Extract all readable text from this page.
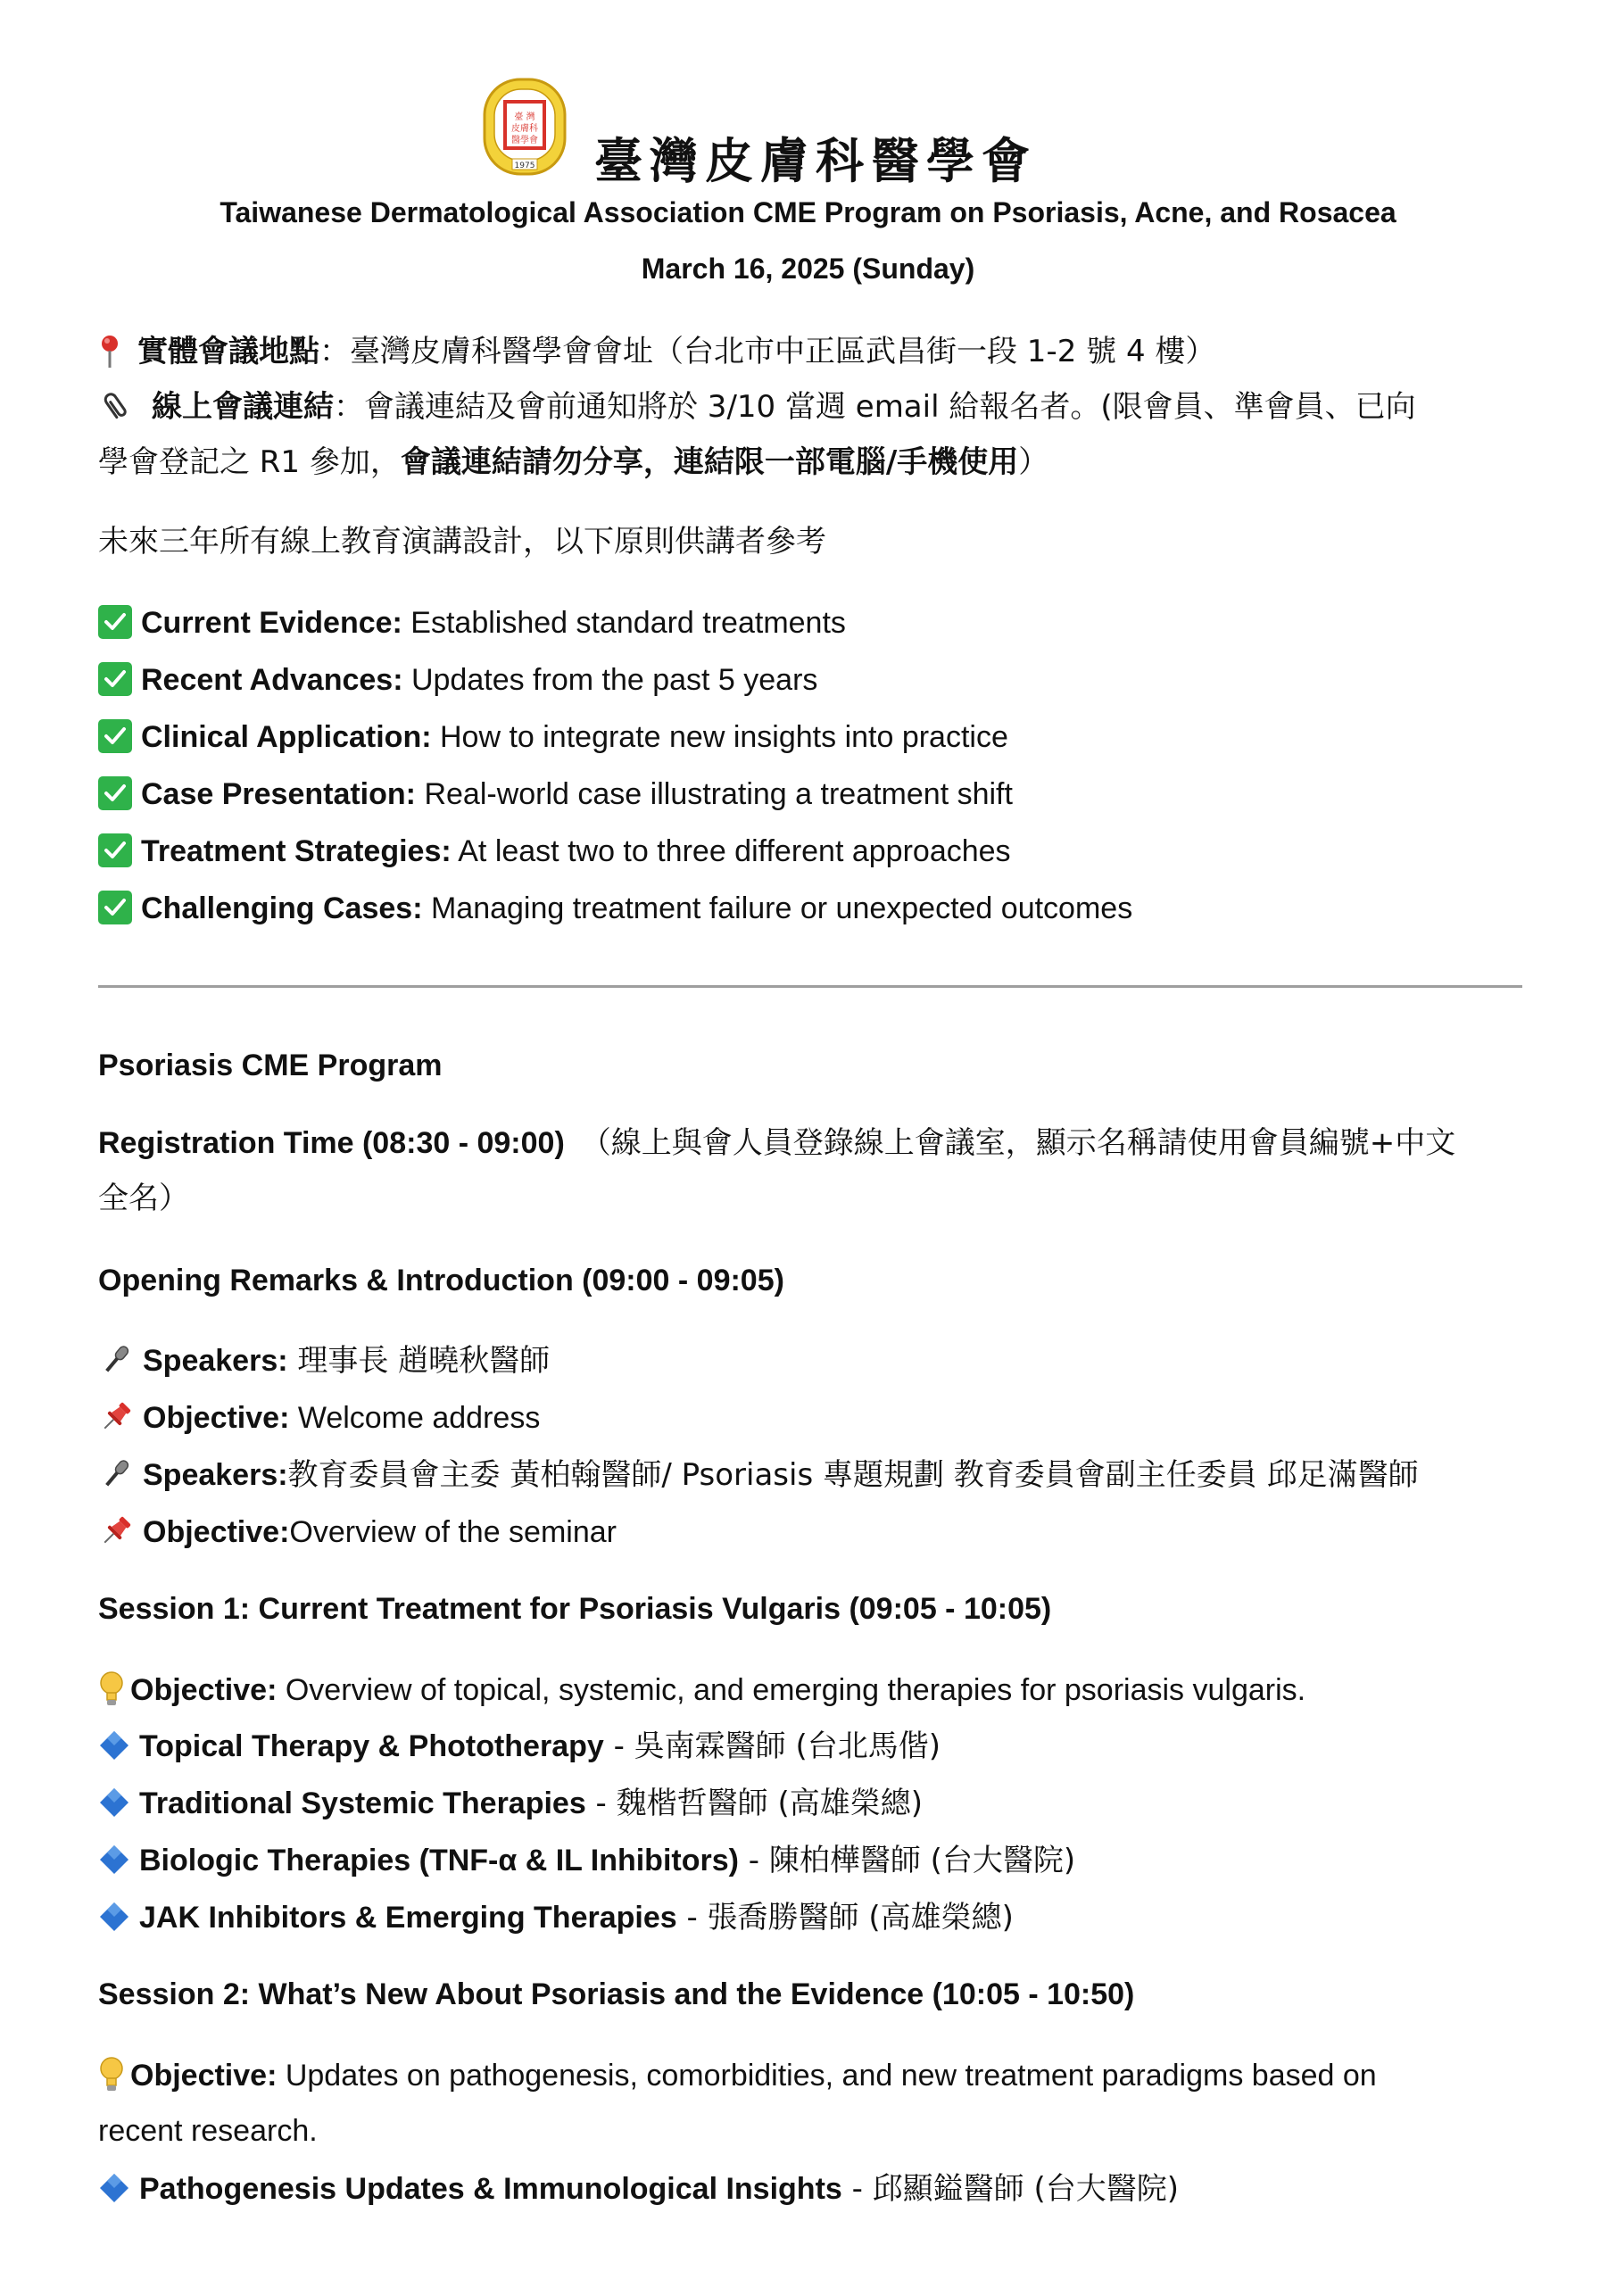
臺 灣
皮膚科
醫學會
1975 臺灣皮膚科醫學會
Taiwanese Dermatological Association CME Program on Psoriasis, Acne, and Rosacea
March 16, 2025 (Sunday)
實體會議地點：臺灣皮膚科醫學會會址（台北市中正區武昌街一段 1-2 號 4 樓）
線上會議連結：會議連結及會前通知將於 3/10 當週 email 給報名者。(限會員、準會員、已向
學會登記之 R1 參加，會議連結請勿分享，連結限一部電腦/手機使用）
未來三年所有線上教育演講設計，以下原則供講者參考
Current Evidence: Established standard treatments
Recent Advances: Updates from the past 5 years
Clinical Application: How to integrate new insights into practice
Case Presentation: Real-world case illustrating a treatment shift
Treatment Strategies: At least two to three different approaches
Challenging Cases: Managing treatment failure or unexpected outcomes
Psoriasis CME Program
Registration Time (08:30 - 09:00) （線上與會人員登錄線上會議室，顯示名稱請使用會員編號+中文
全名）
Opening Remarks & Introduction (09:00 - 09:05)
Speakers: 理事長 趙曉秋醫師
Objective: Welcome address
Speakers:教育委員會主委 黃柏翰醫師/ Psoriasis 專題規劃 教育委員會副主任委員 邱足滿醫師
Objective:Overview of the seminar
Session 1: Current Treatment for Psoriasis Vulgaris (09:05 - 10:05)
Objective: Overview of topical, systemic, and emerging therapies for psoriasis vulgaris.
Topical Therapy & Phototherapy - 吳南霖醫師 (台北馬偕)
Traditional Systemic Therapies - 魏楷哲醫師 (高雄榮總)
Biologic Therapies (TNF-α & IL Inhibitors) - 陳柏樺醫師 (台大醫院)
JAK Inhibitors & Emerging Therapies - 張喬勝醫師 (高雄榮總)
Session 2: What’s New About Psoriasis and the Evidence (10:05 - 10:50)
Objective: Updates on pathogenesis, comorbidities, and new treatment paradigms based on
recent research.
Pathogenesis Updates & Immunological Insights - 邱顯鎰醫師 (台大醫院)
